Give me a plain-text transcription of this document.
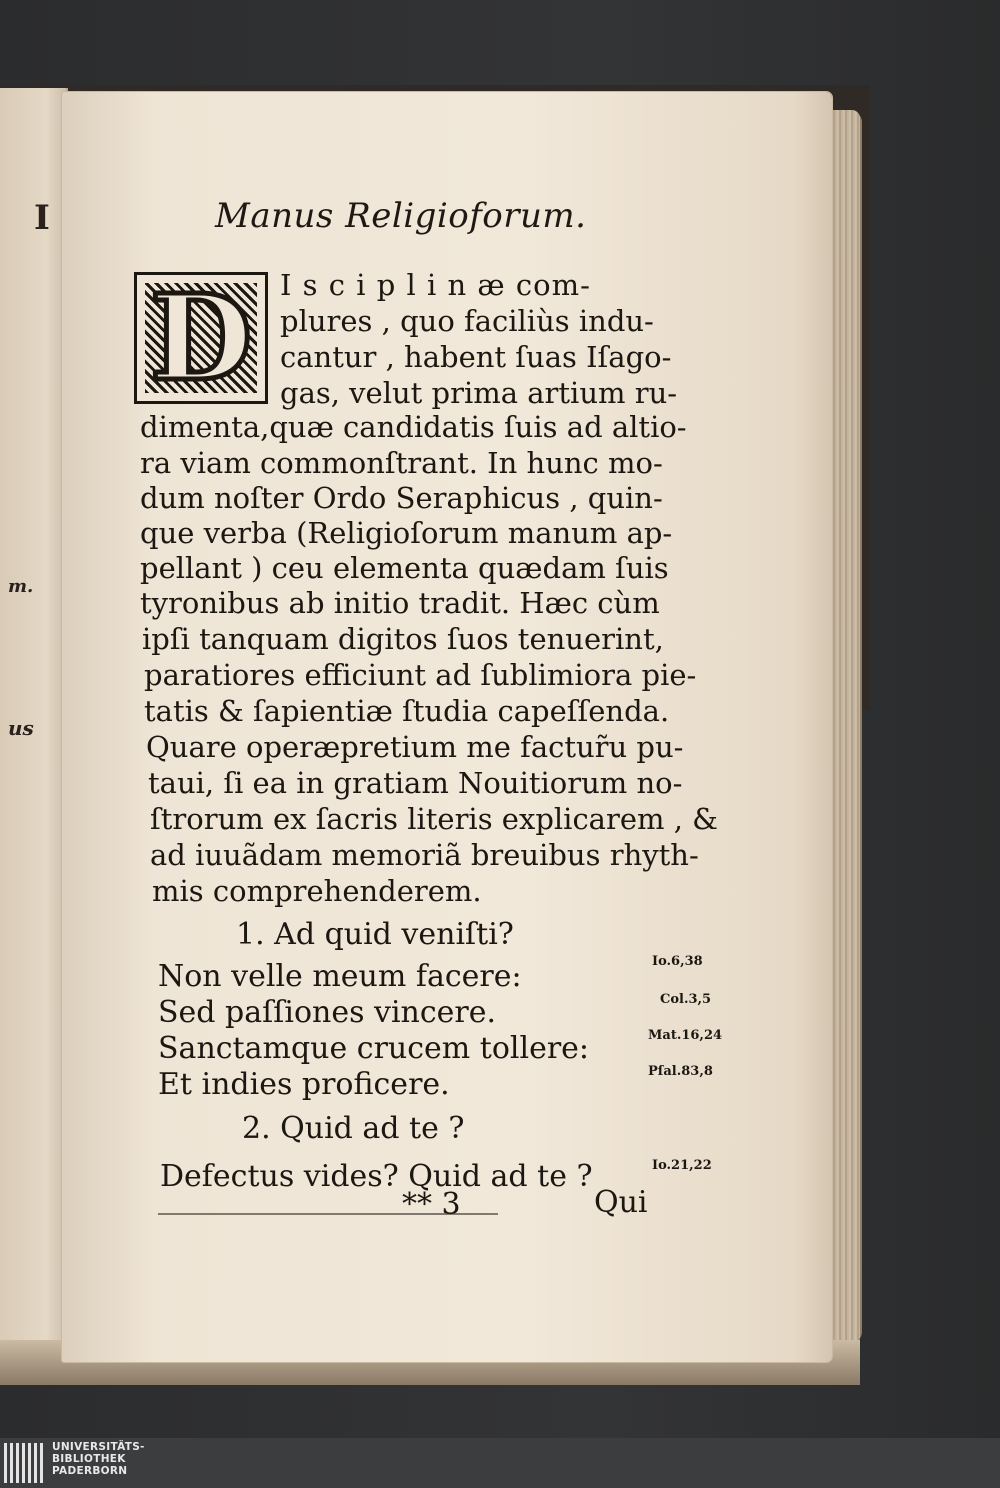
I
m.
us
Manus Religioforum.
D I s c i p l i n æ com-
plures , quo faciliùs indu-
cantur , habent ſuas Iſago-
gas, velut prima artium ru-
dimenta,quæ candidatis ſuis ad altio-
ra viam commonſtrant. In hunc mo-
dum noſter Ordo Seraphicus , quin-
que verba (Religioſorum manum ap-
pellant ) ceu elementa quædam ſuis
tyronibus ab initio tradit. Hæc cùm
ipſi tanquam digitos ſuos tenuerint,
paratiores efficiunt ad ſublimiora pie-
tatis & ſapientiæ ſtudia capeſſenda.
Quare operæpretium me factur̃u pu-
taui, ſi ea in gratiam Nouitiorum no-
ſtrorum ex ſacris literis explicarem , &
ad iuuãdam memoriã breuibus rhyth-
mis comprehenderem.
1. Ad quid veniſti?
Non velle meum facere:	Io.6,38
Sed paſſiones vincere.	Col.3,5
Sanctamque crucem tollere:	Mat.16,24
Et indies proficere.	Pſal.83,8
2. Quid ad te ?
Defectus vides? Quid ad te ?	Io.21,22
** 3	Qui
UNIVERSITÄTS-
BIBLIOTHEK
PADERBORN
